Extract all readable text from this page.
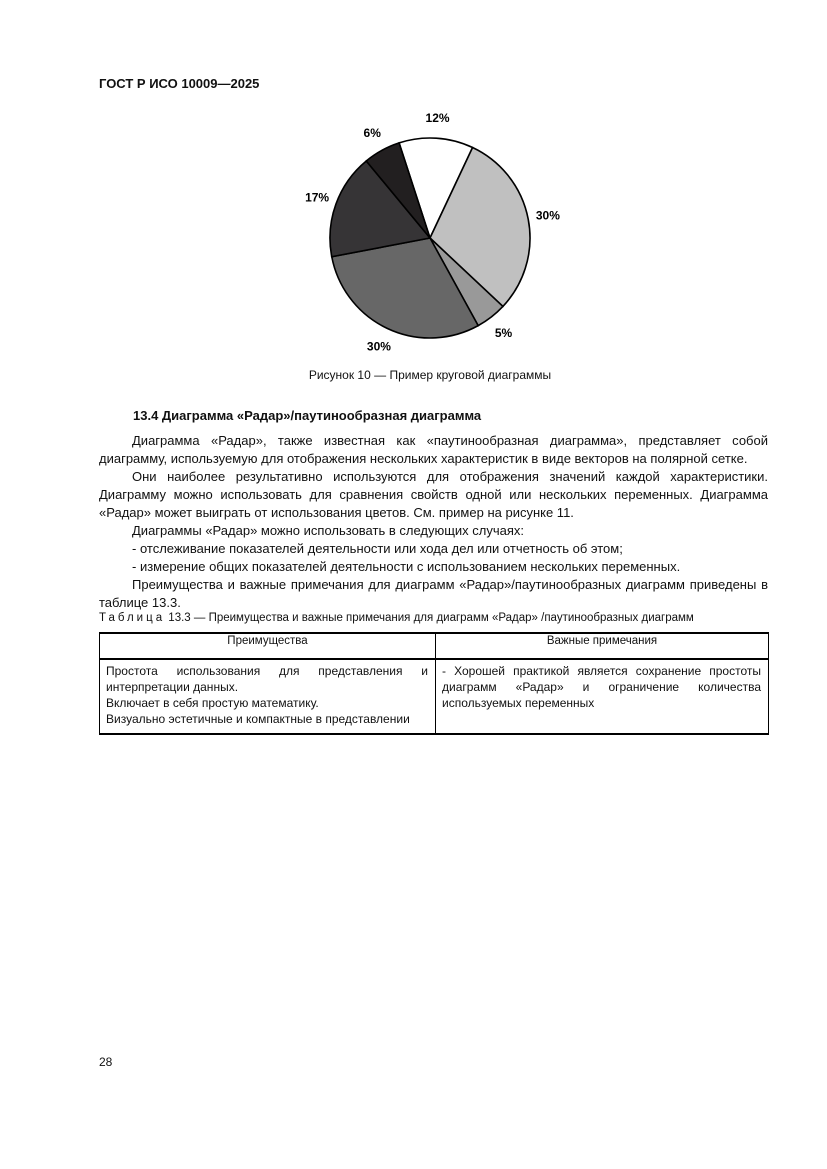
ГОСТ Р ИСО 10009—2025
12%
30%
5%
30%
17%
6%
Рисунок 10 — Пример круговой диаграммы
13.4 Диаграмма «Радар»/паутинообразная диаграмма

Диаграмма «Радар», также известная как «паутинообразная диаграмма», представляет собой диаграмму, используемую для отображения нескольких характеристик в виде векторов на полярной сетке.

Они наиболее результативно используются для отображения значений каждой характеристики. Диаграмму можно использовать для сравнения свойств одной или нескольких переменных. Диаграмма «Радар» может выиграть от использования цветов. См. пример на рисунке 11.

Диаграммы «Радар» можно использовать в следующих случаях:

- отслеживание показателей деятельности или хода дел или отчетность об этом;

- измерение общих показателей деятельности с использованием нескольких переменных.

Преимущества и важные примечания для диаграмм «Радар»/паутинообразных диаграмм приведены в таблице 13.3.

Таблица 13.3 — Преимущества и важные примечания для диаграмм «Радар» /паутинообразных диаграмм
Преимущества	Важные примечания

Простота использования для представления и интерпретации данных.
Включает в себя простую математику.
Визуально эстетичные и компактные в представлении	- Хорошей практикой является сохранение простоты диаграмм «Радар» и ограничение количества используемых переменных
28
